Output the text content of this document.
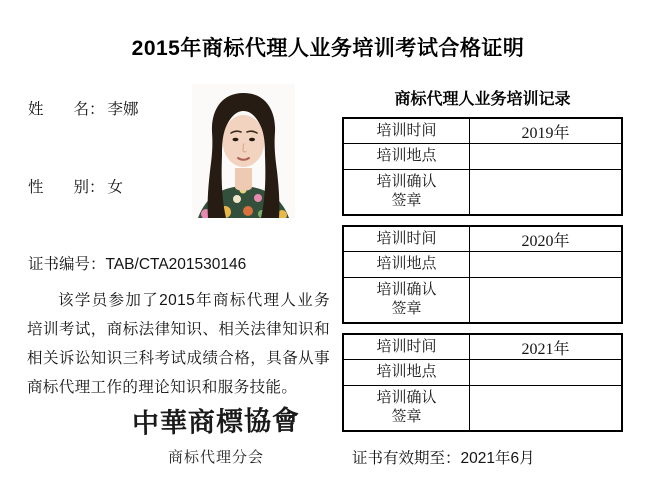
2015年商标代理人业务培训考试合格证明
姓 名： 李娜
性 别： 女
证书编号：TAB/CTA201530146
该学员参加了2015年商标代理人业务培训考试，商标法律知识、相关法律知识和相关诉讼知识三科考试成绩合格，具备从事商标代理工作的理论知识和服务技能。
中華商標協會
商标代理分会
商标代理人业务培训记录
培训时间	2019年
培训地点
培训确认
签章
培训时间	2020年
培训地点
培训确认
签章
培训时间	2021年
培训地点
培训确认
签章
证书有效期至：2021年6月
